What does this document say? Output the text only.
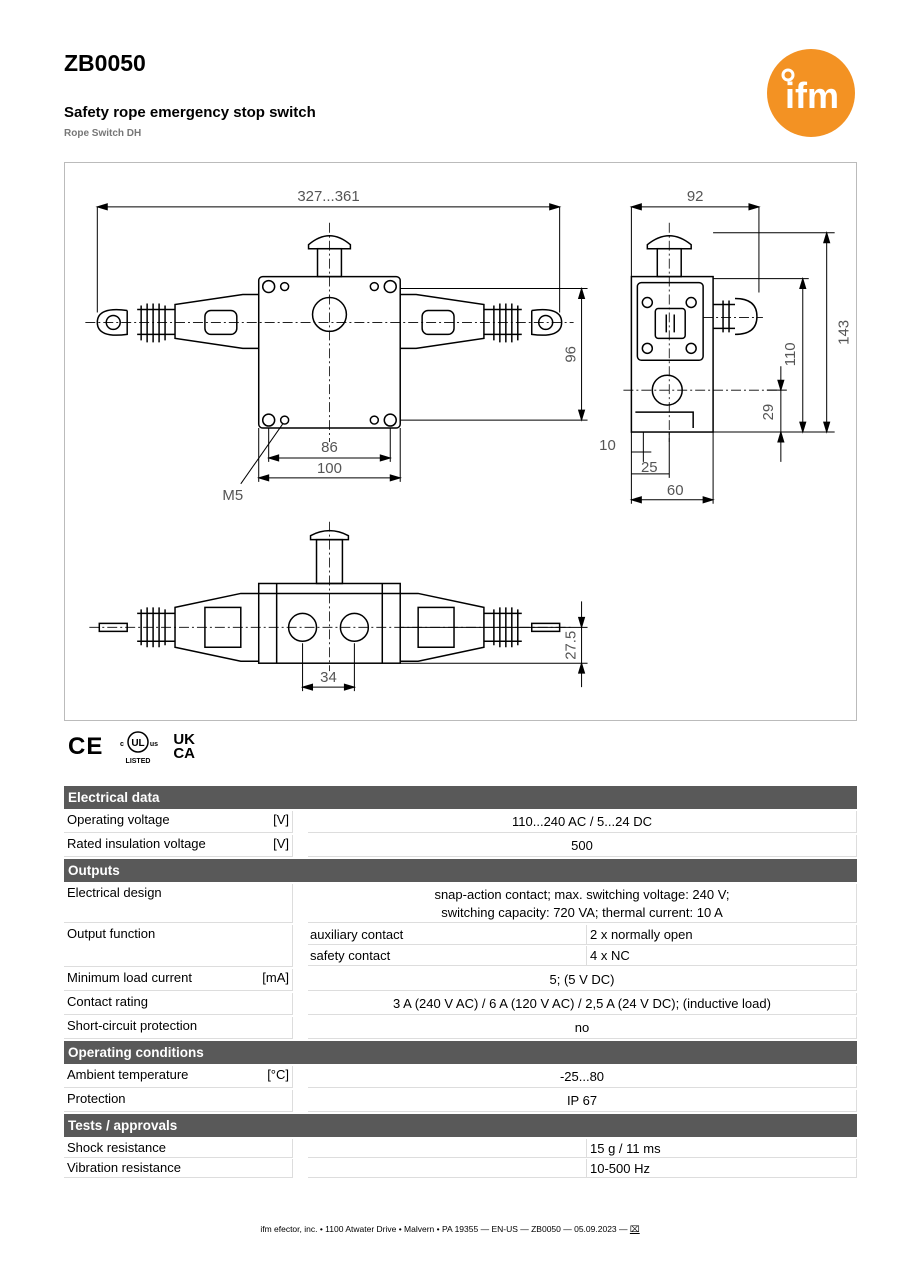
ZB0050
Safety rope emergency stop switch
Rope Switch DH
ifm
327...361
86
100
M5
96
92
143
110
29
10
25
60
27.5
34
CE	UL
c	us
LISTED
UK
CA
Electrical data
Operating voltage	[V]	110...240 AC / 5...24 DC
Rated insulation voltage	[V]	500
Outputs
Electrical design	snap-action contact; max. switching voltage: 240 V;
switching capacity: 720 VA; thermal current: 10 A
Output function	auxiliary contact	2 x normally open
safety contact	4 x NC
Minimum load current	[mA]	5; (5 V DC)
Contact rating	3 A (240 V AC) / 6 A (120 V AC) / 2,5 A (24 V DC); (inductive load)
Short-circuit protection	no
Operating conditions
Ambient temperature	[°C]	-25...80
Protection	IP 67
Tests / approvals
Shock resistance	15 g / 11 ms
Vibration resistance	10-500 Hz
ifm efector, inc. • 1100 Atwater Drive • Malvern • PA 19355 — EN-US — ZB0050 — 05.09.2023 — ⌧
